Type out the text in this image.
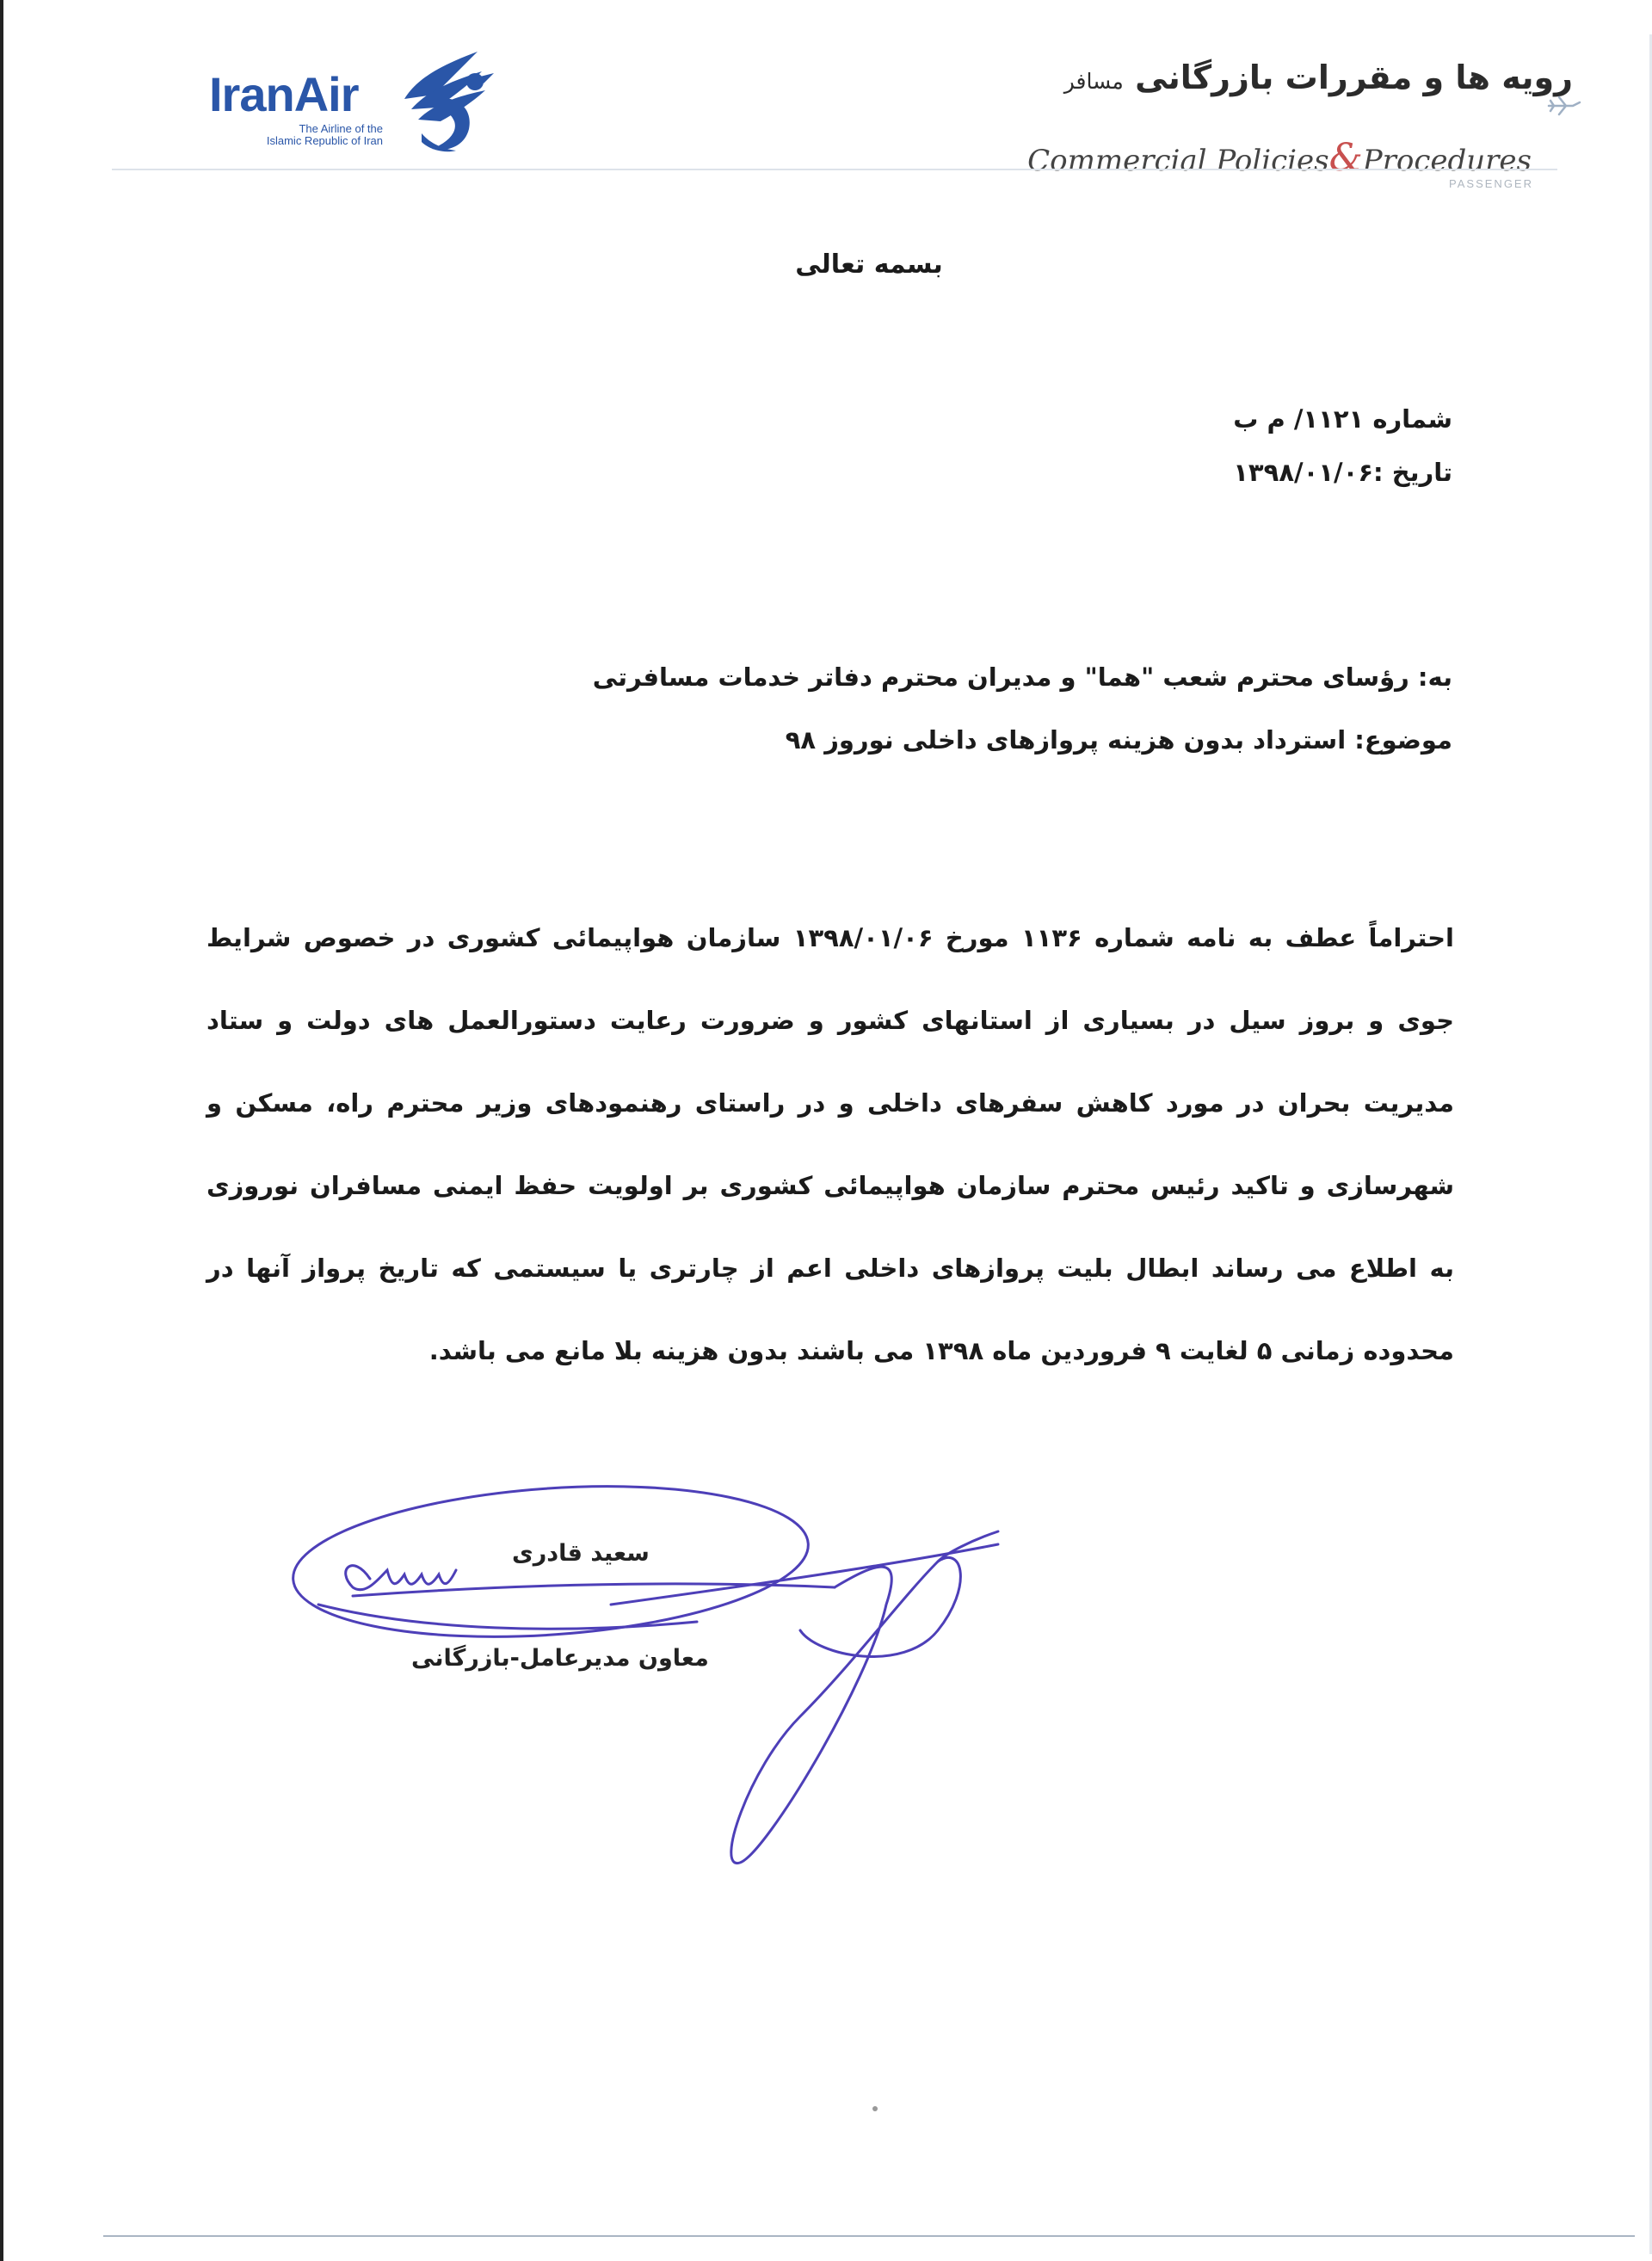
IranAir
The Airline of the
Islamic Republic of Iran
رویه ها و مقررات بازرگانی مسافر
Commercial Policies&Procedures
PASSENGER
بسمه تعالی
شماره ۱۱۲۱/ م ب
تاریخ :۱۳۹۸/۰۱/۰۶
به: رؤسای محترم شعب "هما" و مدیران محترم دفاتر خدمات مسافرتی
موضوع: استرداد بدون هزینه پروازهای داخلی نوروز ۹۸
احتراماً عطف به نامه شماره ۱۱۳۶ مورخ ۱۳۹۸/۰۱/۰۶ سازمان هواپیمائی کشوری در خصوص شرایط جوی و بروز سیل در بسیاری از استانهای کشور و ضرورت رعایت دستورالعمل های دولت و ستاد مدیریت بحران در مورد کاهش سفرهای داخلی و در راستای رهنمودهای وزیر محترم راه، مسکن و شهرسازی و تاکید رئیس محترم سازمان هواپیمائی کشوری بر اولویت حفظ ایمنی مسافران نوروزی به اطلاع می رساند ابطال بلیت پروازهای داخلی اعم از چارتری یا سیستمی که تاریخ پرواز آنها در محدوده زمانی ۵ لغایت ۹ فروردین ماه ۱۳۹۸ می باشند بدون هزینه بلا مانع می باشد.
سعید قادری
معاون مدیرعامل-بازرگانی
